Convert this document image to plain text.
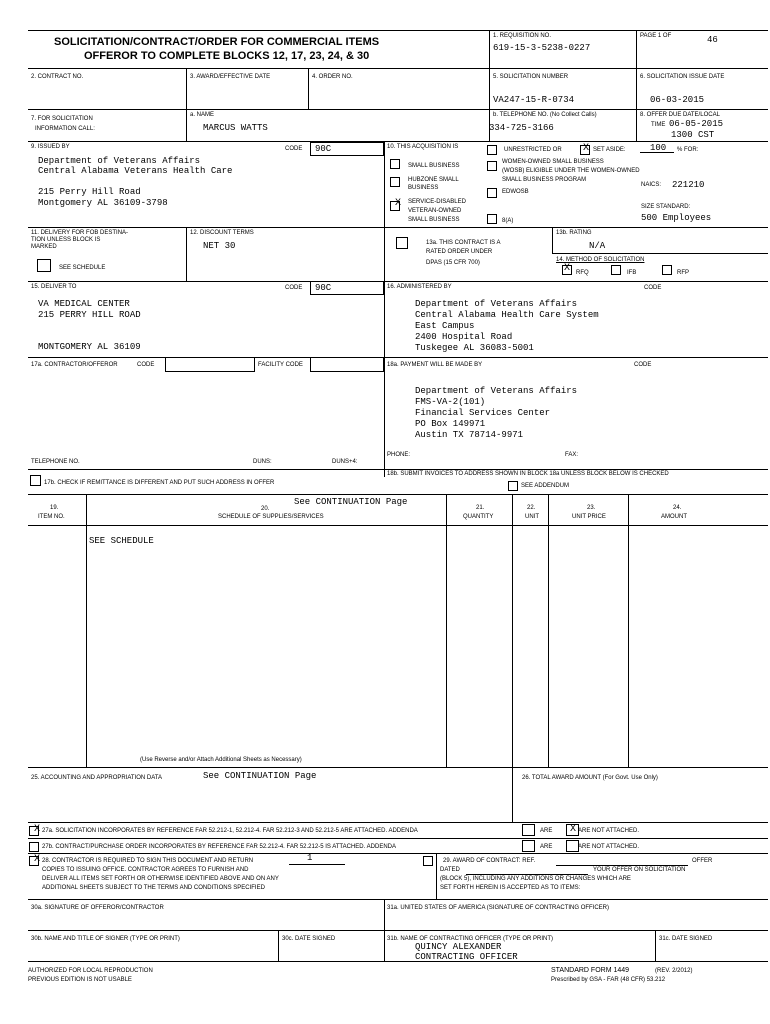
SOLICITATION/CONTRACT/ORDER FOR COMMERCIAL ITEMS
OFFEROR TO COMPLETE BLOCKS 12, 17, 23, 24, & 30
1. REQUISITION NO.
619-15-3-5238-0227
PAGE 1 OF	46
2. CONTRACT NO.	3. AWARD/EFFECTIVE DATE	4. ORDER NO.	5. SOLICITATION NUMBER
VA247-15-R-0734
6. SOLICITATION ISSUE DATE
06-03-2015
7. FOR SOLICITATION
INFORMATION CALL:
a. NAME
MARCUS WATTS
b. TELEPHONE NO. (No Collect Calls)
334-725-3166
8. OFFER DUE DATE/LOCAL
TIME 06-05-2015
1300 CST
9. ISSUED BY	CODE 90C
Department of Veterans Affairs
Central Alabama Veterans Health Care
215 Perry Hill Road
Montgomery AL 36109-3798
10. THIS ACQUISITION IS	UNRESTRICTED OR X SET ASIDE:	100 % FOR:
SMALL BUSINESS
HUBZONE SMALL
BUSINESS
X SERVICE-DISABLED
VETERAN-OWNED
SMALL BUSINESS
WOMEN-OWNED SMALL BUSINESS
(WOSB) ELIGIBLE UNDER THE WOMEN-OWNED
SMALL BUSINESS PROGRAM
EDWOSB
8(A)
NAICS: 221210
SIZE STANDARD:
500 Employees
11. DELIVERY FOR FOB DESTINA-
TION UNLESS BLOCK IS
MARKED
SEE SCHEDULE
12. DISCOUNT TERMS
NET 30	13a. THIS CONTRACT IS A
RATED ORDER UNDER
DPAS (15 CFR 700)
13b. RATING
N/A
14. METHOD OF SOLICITATION
X RFQ	IFB	RFP
15. DELIVER TO	CODE 90C
VA MEDICAL CENTER
215 PERRY HILL ROAD
MONTGOMERY AL 36109
16. ADMINISTERED BY	CODE
Department of Veterans Affairs
Central Alabama Health Care System
East Campus
2400 Hospital Road
Tuskegee AL 36083-5001
17a. CONTRACTOR/OFFEROR	CODE	FACILITY CODE
TELEPHONE NO.	DUNS:	DUNS+4:
17b. CHECK IF REMITTANCE IS DIFFERENT AND PUT SUCH ADDRESS IN OFFER
18a. PAYMENT WILL BE MADE BY	CODE
Department of Veterans Affairs
FMS-VA-2(101)
Financial Services Center
PO Box 149971
Austin TX 78714-9971
PHONE:	FAX:
18b. SUBMIT INVOICES TO ADDRESS SHOWN IN BLOCK 18a UNLESS BLOCK BELOW IS CHECKED
SEE ADDENDUM
19.
ITEM NO.
20.
See CONTINUATION Page
SCHEDULE OF SUPPLIES/SERVICES
21.
QUANTITY
22.
UNIT
23.
UNIT PRICE
24.
AMOUNT
SEE SCHEDULE
(Use Reverse and/or Attach Additional Sheets as Necessary)
25. ACCOUNTING AND APPROPRIATION DATA	See CONTINUATION Page	26. TOTAL AWARD AMOUNT (For Govt. Use Only)
X 27a. SOLICITATION INCORPORATES BY REFERENCE FAR 52.212-1, 52.212-4. FAR 52.212-3 AND 52.212-5 ARE ATTACHED. ADDENDA	ARE X ARE NOT ATTACHED.
27b. CONTRACT/PURCHASE ORDER INCORPORATES BY REFERENCE FAR 52.212-4. FAR 52.212-5 IS ATTACHED. ADDENDA	ARE	ARE NOT ATTACHED.
X 28. CONTRACTOR IS REQUIRED TO SIGN THIS DOCUMENT AND RETURN	1
COPIES TO ISSUING OFFICE. CONTRACTOR AGREES TO FURNISH AND
DELIVER ALL ITEMS SET FORTH OR OTHERWISE IDENTIFIED ABOVE AND ON ANY
ADDITIONAL SHEETS SUBJECT TO THE TERMS AND CONDITIONS SPECIFIED
29. AWARD OF CONTRACT: REF.	OFFER
DATED	YOUR OFFER ON SOLICITATION
(BLOCK 5), INCLUDING ANY ADDITIONS OR CHANGES WHICH ARE
SET FORTH HEREIN IS ACCEPTED AS TO ITEMS:
30a. SIGNATURE OF OFFEROR/CONTRACTOR	31a. UNITED STATES OF AMERICA (SIGNATURE OF CONTRACTING OFFICER)
30b. NAME AND TITLE OF SIGNER (TYPE OR PRINT)	30c. DATE SIGNED	31b. NAME OF CONTRACTING OFFICER (TYPE OR PRINT)
QUINCY ALEXANDER
CONTRACTING OFFICER
31c. DATE SIGNED
AUTHORIZED FOR LOCAL REPRODUCTION
PREVIOUS EDITION IS NOT USABLE
STANDARD FORM 1449	(REV. 2/2012)
Prescribed by GSA - FAR (48 CFR) 53.212
